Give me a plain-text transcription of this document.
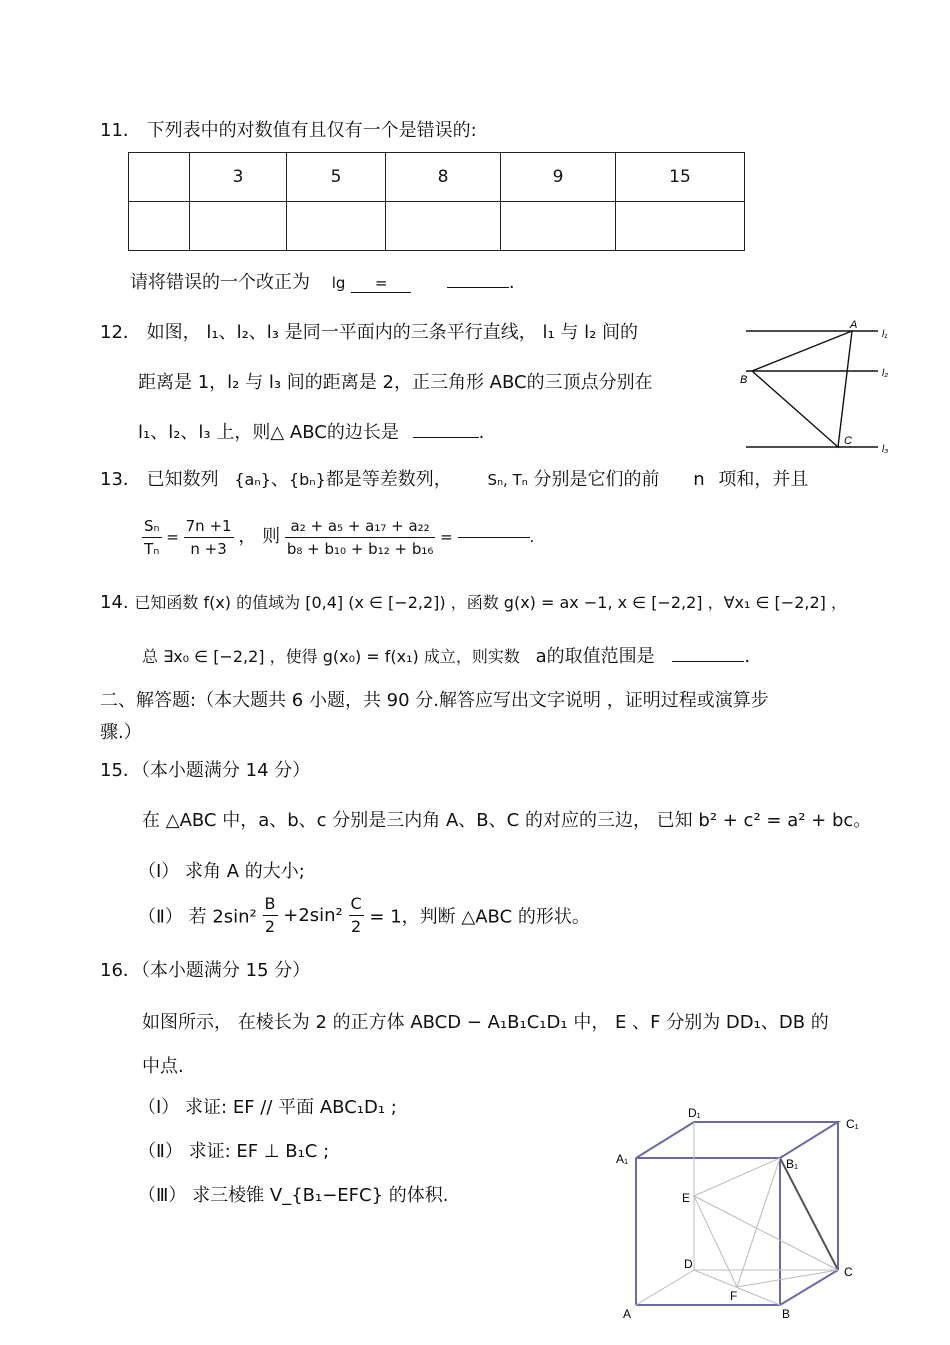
11． 下列表中的对数值有且仅有一个是错误的:
	3	5	8	9	15

请将错误的一个改正为 lg =	.
12． 如图， l₁、l₂、l₃ 是同一平面内的三条平行直线， l₁ 与 l₂ 间的
距离是 1，l₂ 与 l₃ 间的距离是 2，正三角形 ABC的三顶点分别在
l₁、l₂、l₃ 上，则△ ABC的边长是	.
A
B
C
l₁
l₂
l₃
13． 已知数列 {aₙ}、{bₙ}都是等差数列， Sₙ, Tₙ 分别是它们的前 n 项和，并且
$\frac{\text{Sₙ}}{\text{Tₙ}} = \frac{7n +1}{n +3}$ ， 则 $\frac{\text{a₂ + a₅ + a₁₇ + a₂₂}}{\text{b₈ + b₁₀ + b₁₂ + b₁₆}}$ =	.
14. 已知函数 f(x) 的值域为 [0,4] (x ∈ [−2,2]) ，函数 g(x) = ax −1, x ∈ [−2,2] ，∀x₁ ∈ [−2,2] ，
总 ∃x₀ ∈ [−2,2] ，使得 g(x₀) = f(x₁) 成立，则实数 a的取值范围是	.
二、解答题:（本大题共 6 小题，共 90 分.解答应写出文字说明 ，证明过程或演算步
骤.）
15．（本小题满分 14 分）
在 △ABC 中，a、b、c 分别是三内角 A、B、C 的对应的三边， 已知 b² + c² = a² + bc。
（Ⅰ） 求角 A 的大小;
（Ⅱ） 若 $2\sin^2 \frac{B}{2} +2\sin^2 \frac{C}{2} = 1$，判断 △ABC 的形状。
16．（本小题满分 15 分）
如图所示， 在棱长为 2 的正方体 ABCD − A₁B₁C₁D₁ 中， E 、F 分别为 DD₁、DB 的
中点.
（Ⅰ） 求证: EF // 平面 ABC₁D₁ ;
（Ⅱ） 求证: EF ⊥ B₁C ;
（Ⅲ） 求三棱锥 V_{B₁−EFC} 的体积.
D₁
C₁
A₁	B₁
E
D
C
F
A	B
